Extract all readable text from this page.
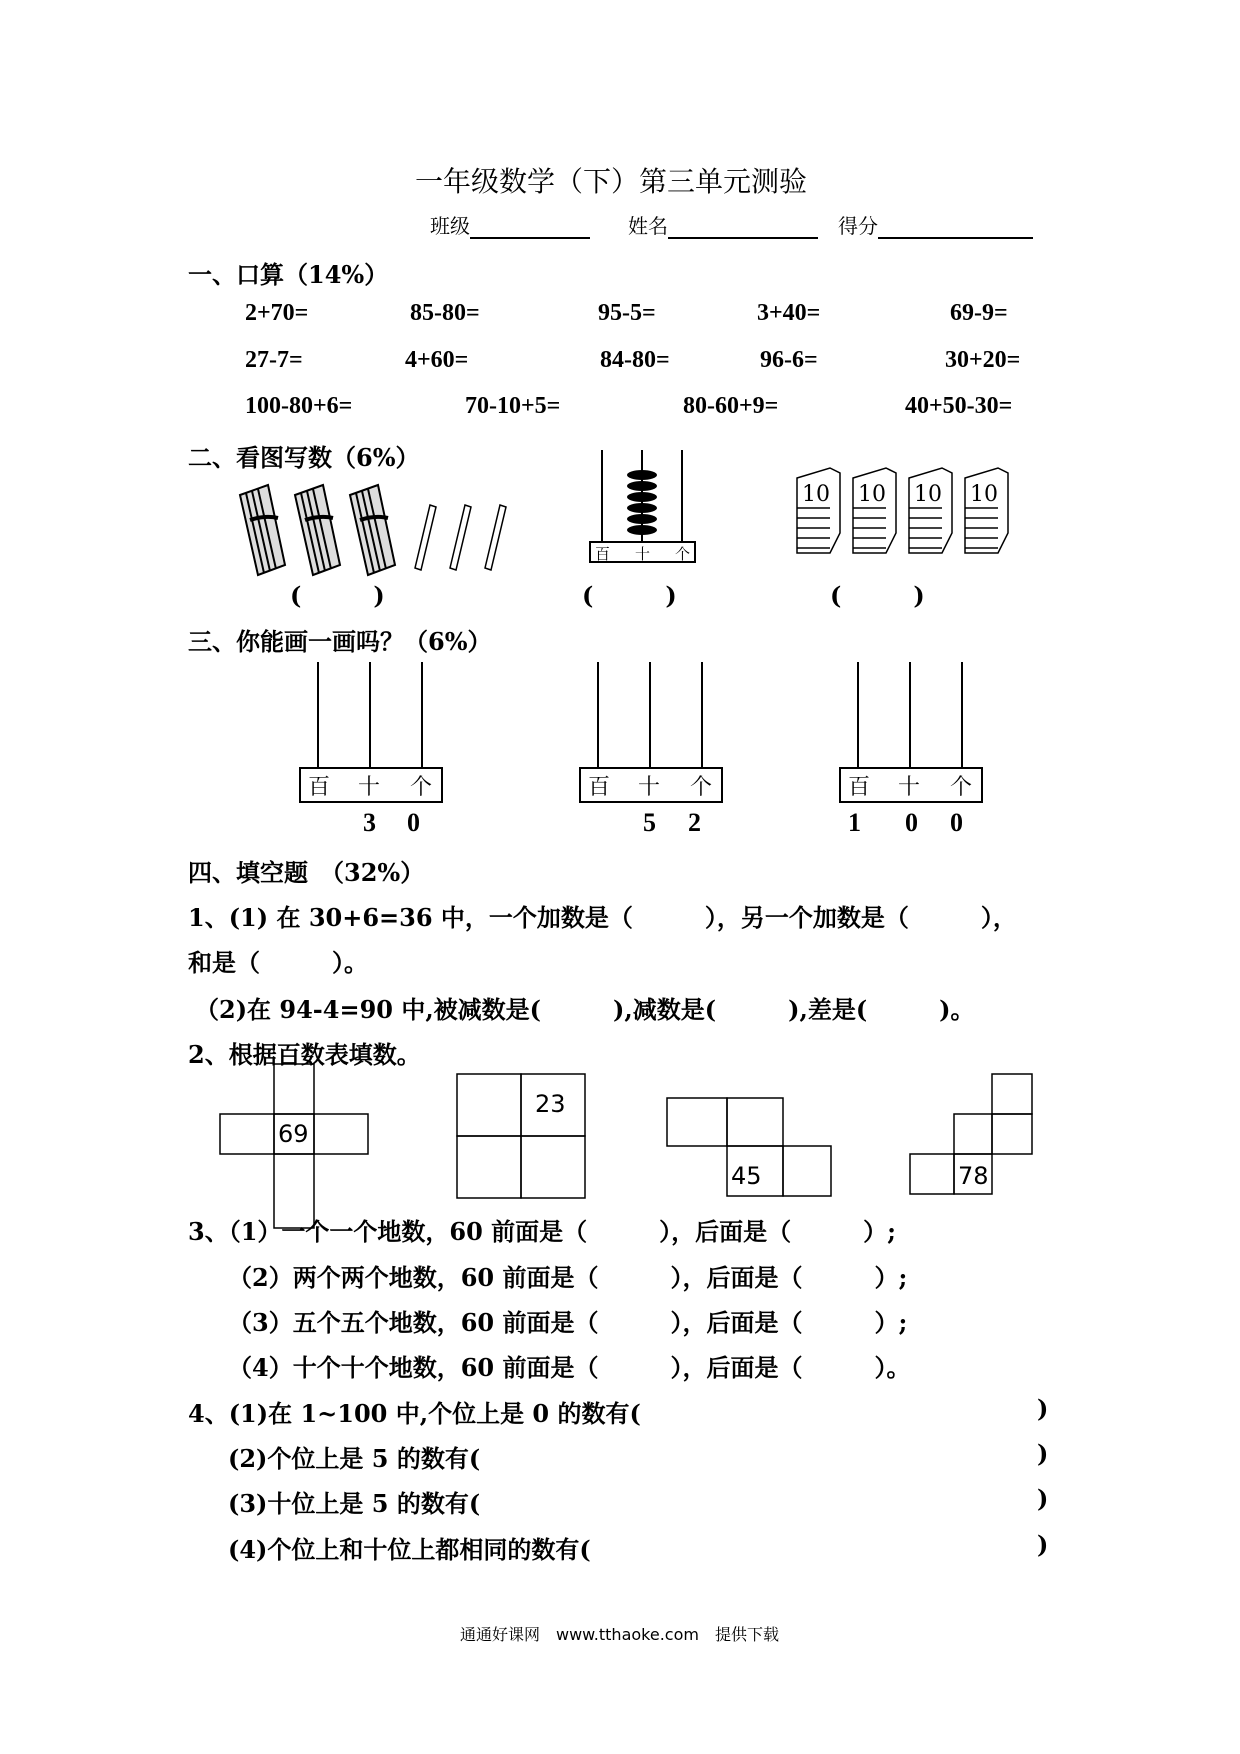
一年级数学（下）第三单元测验
班级	姓名	得分
一、口算（14%）
2+70=	85-80=	95-5=	3+40=	69-9=
27-7=	4+60=	84-80=	96-6=	30+20=
100-80+6=	70-10+5=	80-60+9=	40+50-30=
二、看图写数（6%）
(　　　)
百 十 个
(　　　)
10 10 10 10
(　　　)
三、你能画一画吗？（6%）
百 十 个
3 0
百 十 个
5 2
百 十 个
1 0 0
四、填空题　（32%）
1、(1) 在 30+6=36 中，一个加数是（　　　），另一个加数是（　　　），
和是（　　　）。
（2)在 94-4=90 中,被减数是(　　　),减数是(　　　),差是(　　　)。
2、根据百数表填数。
69
23
45	78
3、（1）一个一个地数，60 前面是（　　　），后面是（　　　）;
（2）两个两个地数，60 前面是（　　　），后面是（　　　）;
（3）五个五个地数，60 前面是（　　　），后面是（　　　）;
（4）十个十个地数，60 前面是（　　　），后面是（　　　）。
4、(1)在 1~100 中,个位上是 0 的数有(	)
(2)个位上是 5 的数有(	)
(3)十位上是 5 的数有(	)
(4)个位上和十位上都相同的数有(	)
通通好课网　www.tthaoke.com　提供下载
